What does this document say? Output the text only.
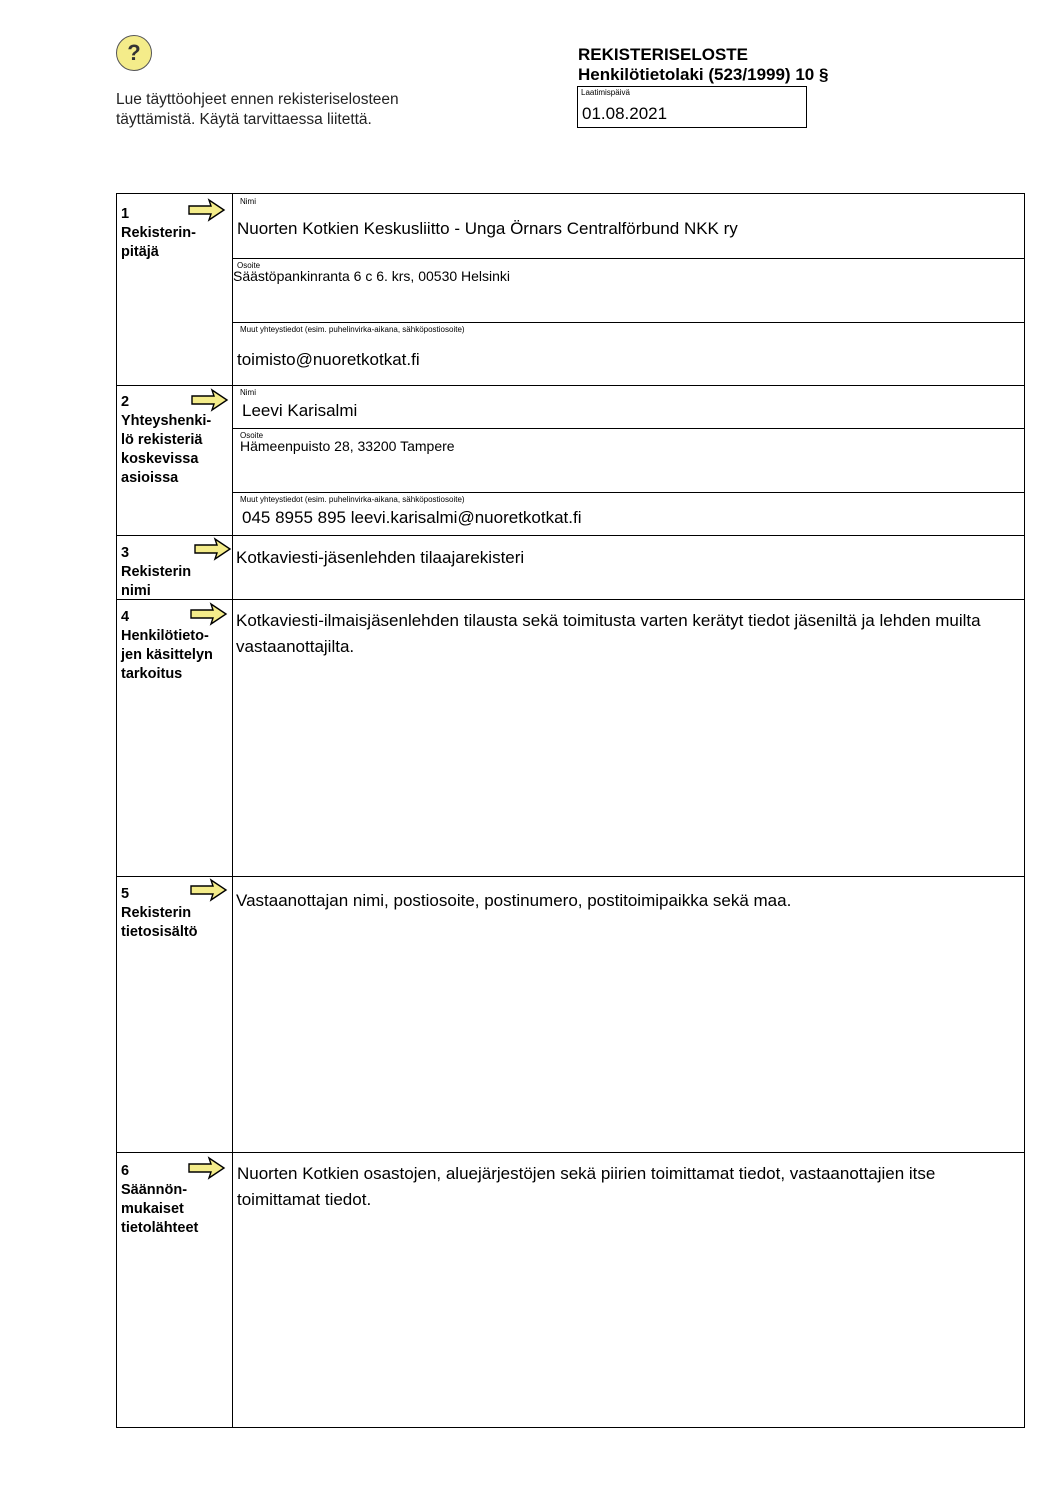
?
Lue täyttöohjeet ennen rekisteriselosteen
täyttämistä. Käytä tarvittaessa liitettä.
REKISTERISELOSTE
Henkilötietolaki (523/1999) 10 §
Laatimispäivä
01.08.2021
1
Rekisterin-
pitäjä
Nimi
Nuorten Kotkien Keskusliitto - Unga Örnars Centralförbund NKK ry
Osoite
Säästöpankinranta 6 c 6. krs, 00530 Helsinki
Muut yhteystiedot (esim. puhelinvirka-aikana, sähköpostiosoite)
toimisto@nuoretkotkat.fi
2
Yhteyshenki-
lö rekisteriä
koskevissa
asioissa
Nimi
Leevi Karisalmi
Osoite
Hämeenpuisto 28, 33200 Tampere
Muut yhteystiedot (esim. puhelinvirka-aikana, sähköpostiosoite)
045 8955 895 leevi.karisalmi@nuoretkotkat.fi
3
Rekisterin
nimi
Kotkaviesti-jäsenlehden tilaajarekisteri
4
Henkilötieto-
jen käsittelyn
tarkoitus
Kotkaviesti-ilmaisjäsenlehden tilausta sekä toimitusta varten kerätyt tiedot jäseniltä ja lehden muilta vastaanottajilta.
5
Rekisterin
tietosisältö
Vastaanottajan nimi, postiosoite, postinumero, postitoimipaikka sekä maa.
6
Säännön-
mukaiset
tietolähteet
Nuorten Kotkien osastojen, aluejärjestöjen sekä piirien toimittamat tiedot, vastaanottajien itse toimittamat tiedot.
